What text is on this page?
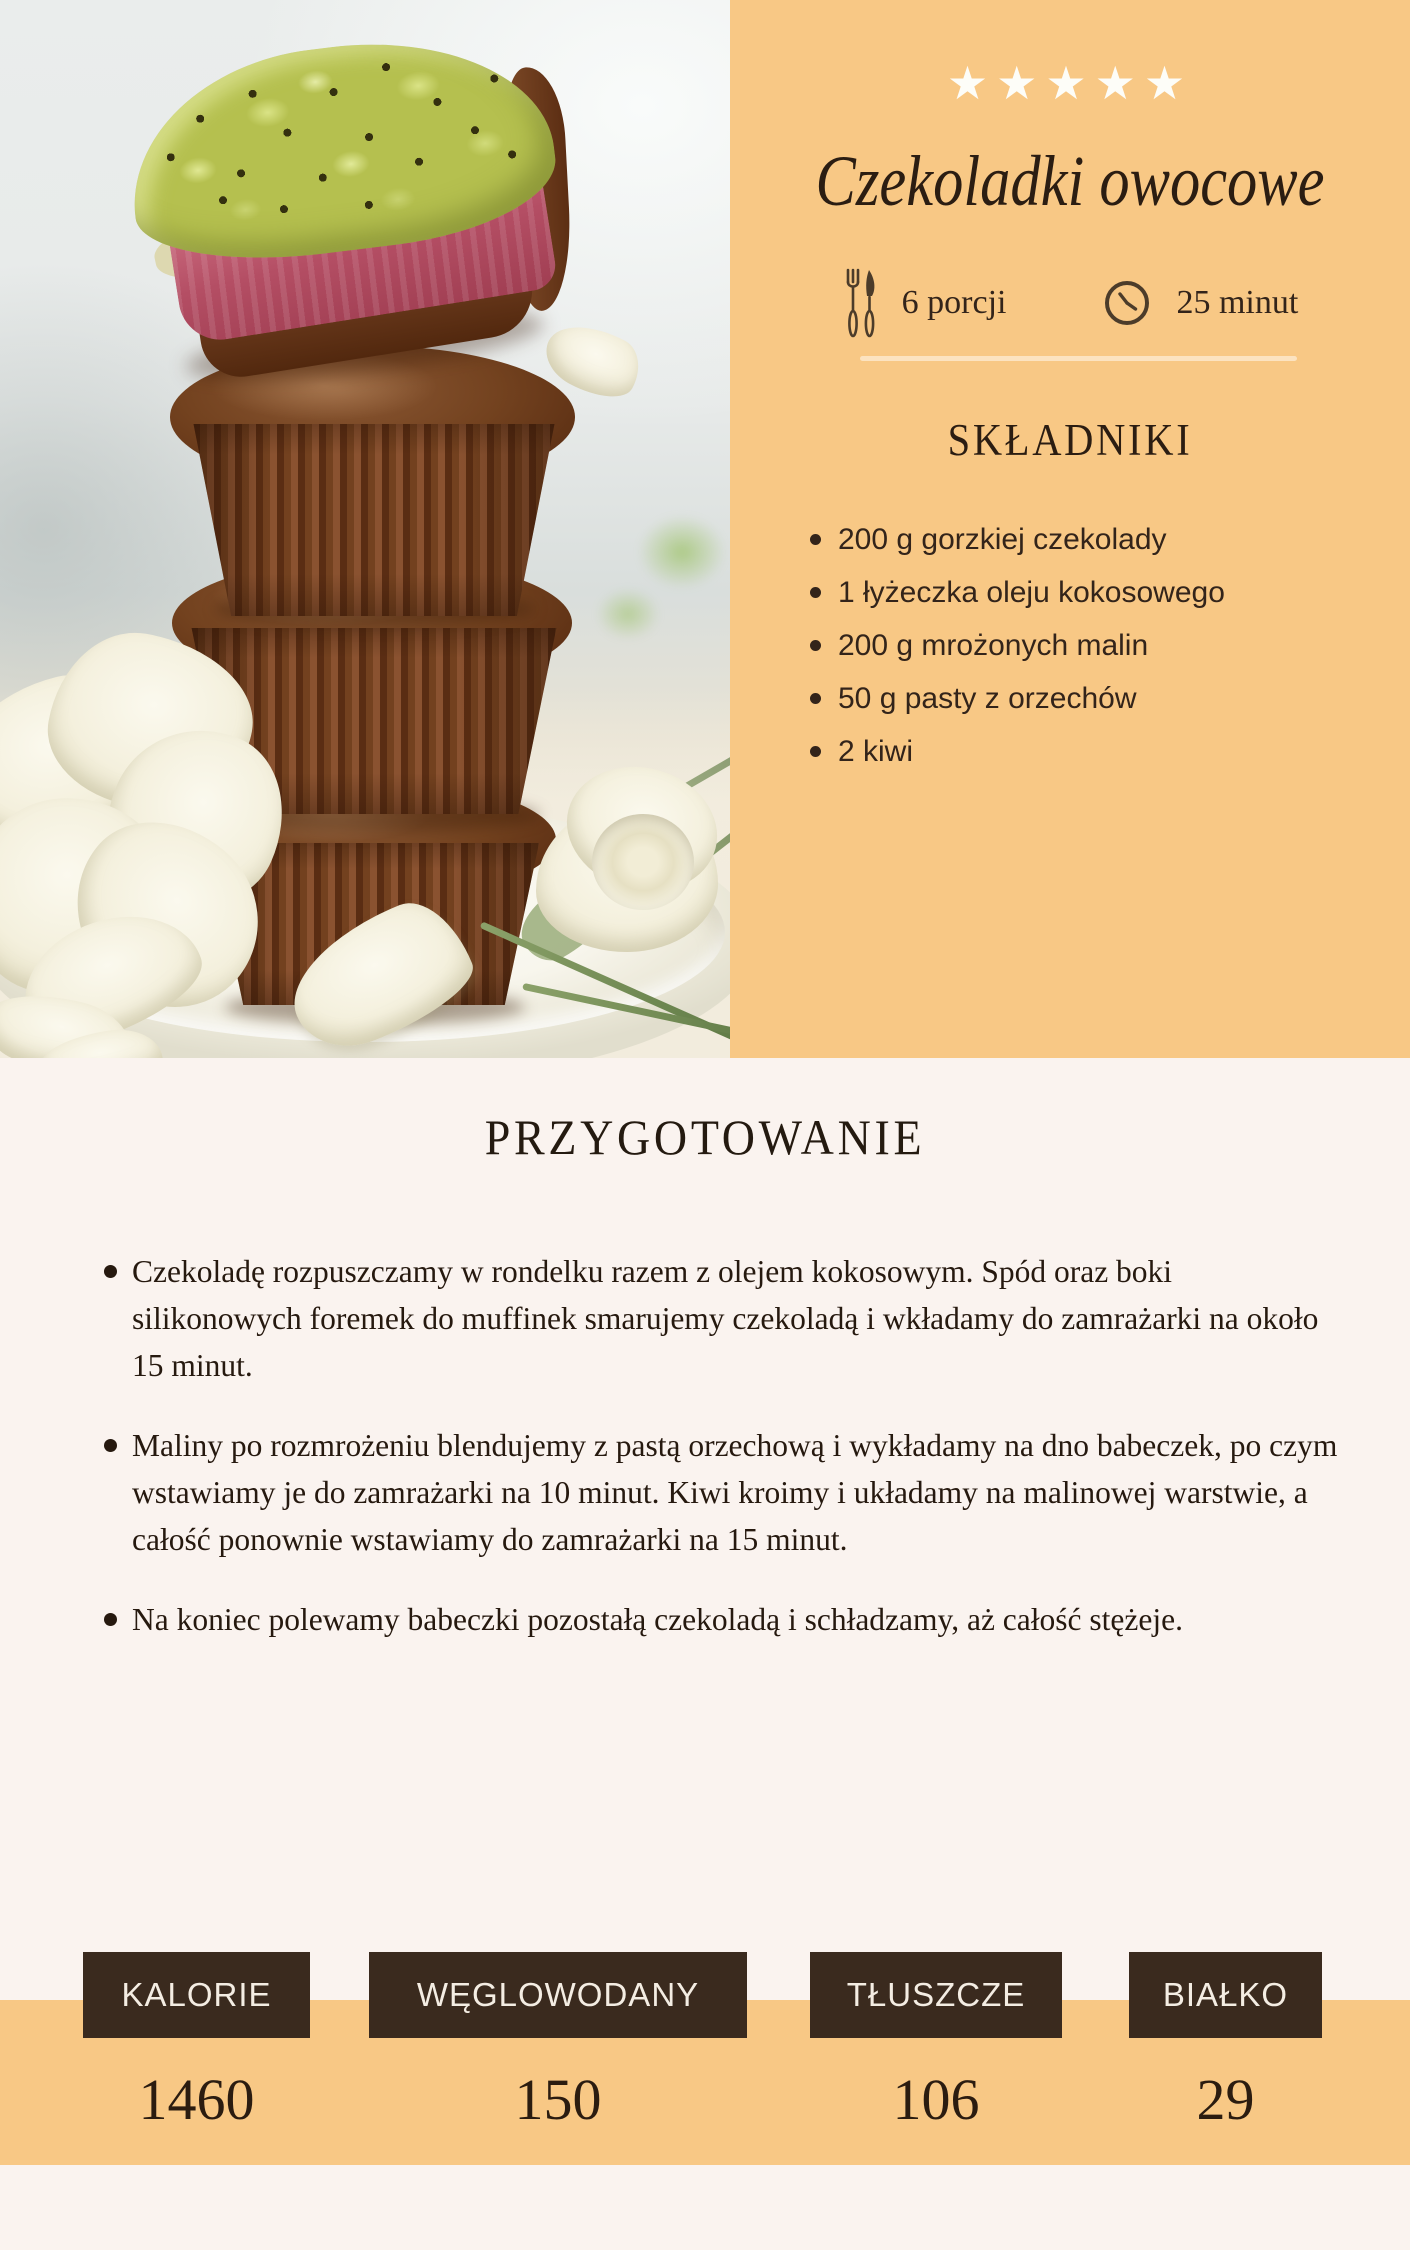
★★★★★
Czekoladki owocowe
6 porcji	25 minut
SKŁADNIKI
200 g gorzkiej czekolady
1 łyżeczka oleju kokosowego
200 g mrożonych malin
50 g pasty z orzechów
2 kiwi
PRZYGOTOWANIE
Czekoladę rozpuszczamy w rondelku razem z olejem kokosowym. Spód oraz boki silikonowych foremek do muffinek smarujemy czekoladą i wkładamy do zamrażarki na około 15 minut.
Maliny po rozmrożeniu blendujemy z pastą orzechową i wykładamy na dno babeczek, po czym wstawiamy je do zamrażarki na 10 minut. Kiwi kroimy i układamy na malinowej warstwie, a całość ponownie wstawiamy do zamrażarki na 15 minut.
Na koniec polewamy babeczki pozostałą czekoladą i schładzamy, aż całość stężeje.
KALORIE	WĘGLOWODANY	TŁUSZCZE	BIAŁKO
1460	150	106	29
